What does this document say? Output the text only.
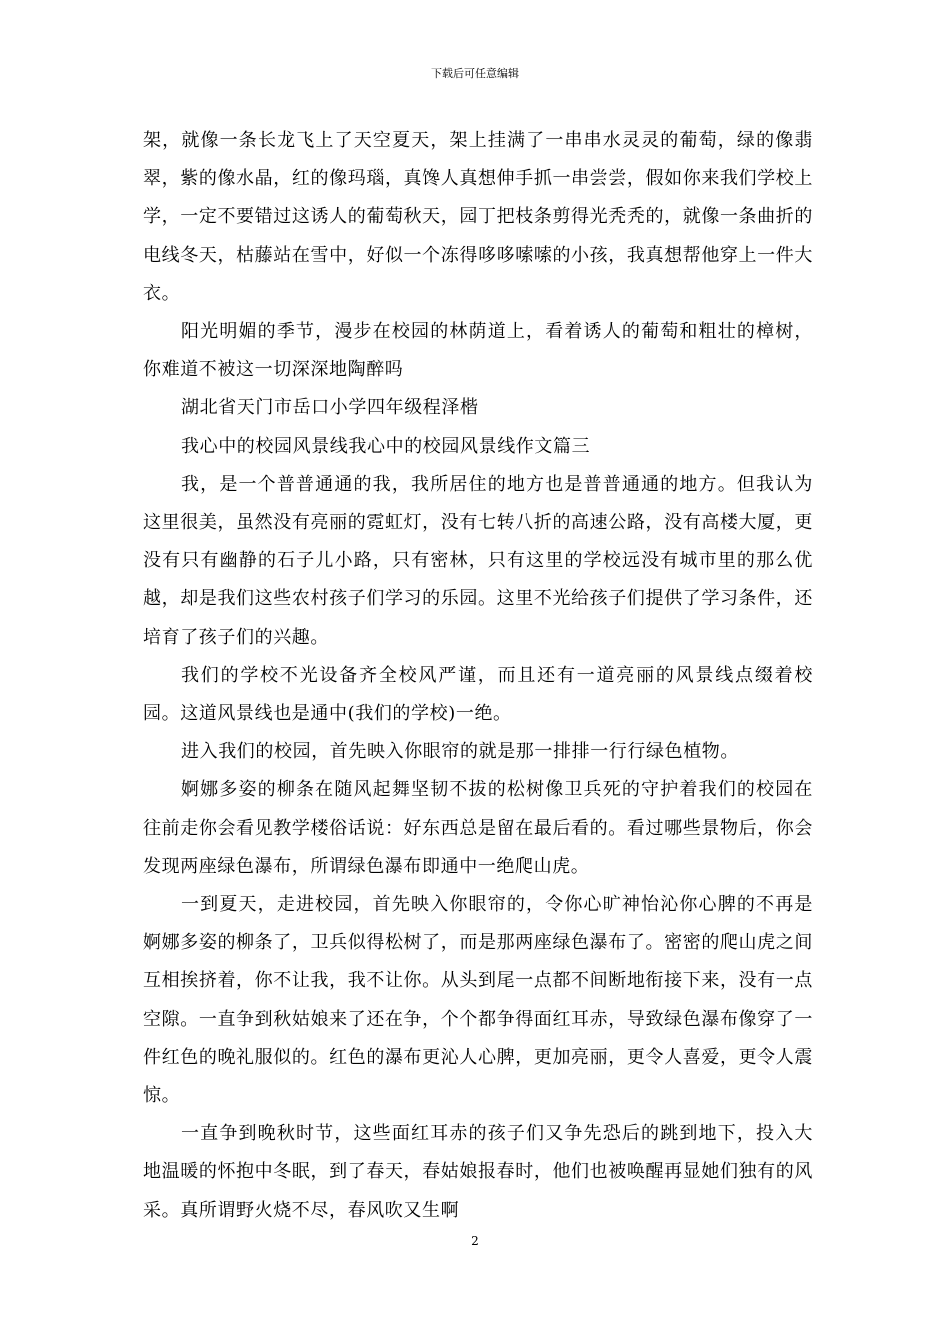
下载后可任意编辑

架，就像一条长龙飞上了天空夏天，架上挂满了一串串水灵灵的葡萄，绿的像翡翠，紫的像水晶，红的像玛瑙，真馋人真想伸手抓一串尝尝，假如你来我们学校上学，一定不要错过这诱人的葡萄秋天，园丁把枝条剪得光秃秃的，就像一条曲折的电线冬天，枯藤站在雪中，好似一个冻得哆哆嗦嗦的小孩，我真想帮他穿上一件大衣。

阳光明媚的季节，漫步在校园的林荫道上，看着诱人的葡萄和粗壮的樟树，你难道不被这一切深深地陶醉吗

湖北省天门市岳口小学四年级程泽楷

我心中的校园风景线我心中的校园风景线作文篇三

我，是一个普普通通的我，我所居住的地方也是普普通通的地方。但我认为这里很美，虽然没有亮丽的霓虹灯，没有七转八折的高速公路，没有高楼大厦，更没有只有幽静的石子儿小路，只有密林，只有这里的学校远没有城市里的那么优越，却是我们这些农村孩子们学习的乐园。这里不光给孩子们提供了学习条件，还培育了孩子们的兴趣。

我们的学校不光设备齐全校风严谨，而且还有一道亮丽的风景线点缀着校园。这道风景线也是通中(我们的学校)一绝。

进入我们的校园，首先映入你眼帘的就是那一排排一行行绿色植物。

婀娜多姿的柳条在随风起舞坚韧不拔的松树像卫兵死的守护着我们的校园在往前走你会看见教学楼俗话说：好东西总是留在最后看的。看过哪些景物后，你会发现两座绿色瀑布，所谓绿色瀑布即通中一绝爬山虎。

一到夏天，走进校园，首先映入你眼帘的，令你心旷神怡沁你心脾的不再是婀娜多姿的柳条了，卫兵似得松树了，而是那两座绿色瀑布了。密密的爬山虎之间互相挨挤着，你不让我，我不让你。从头到尾一点都不间断地衔接下来，没有一点空隙。一直争到秋姑娘来了还在争，个个都争得面红耳赤，导致绿色瀑布像穿了一件红色的晚礼服似的。红色的瀑布更沁人心脾，更加亮丽，更令人喜爱，更令人震惊。

一直争到晚秋时节，这些面红耳赤的孩子们又争先恐后的跳到地下，投入大地温暖的怀抱中冬眠，到了春天，春姑娘报春时，他们也被唤醒再显她们独有的风采。真所谓野火烧不尽，春风吹又生啊

2
